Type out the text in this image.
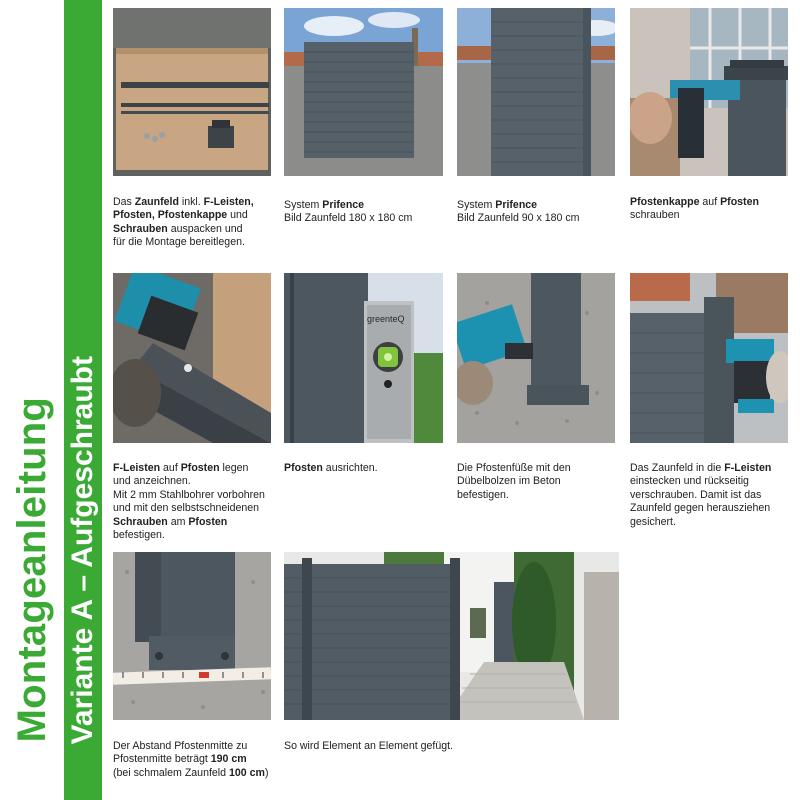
Montageanleitung Variante A – Aufgeschraubt
Das Zaunfeld inkl. F-Leisten,
Pfosten, Pfostenkappe und
Schrauben auspacken und
für die Montage bereitlegen.
System Prifence
Bild Zaunfeld 180 x 180 cm
System Prifence
Bild Zaunfeld 90 x 180 cm
Pfostenkappe auf Pfosten
schrauben
greenteQ
F-Leisten auf Pfosten legen
und anzeichnen.
Mit 2 mm Stahlbohrer vorbohren
und mit den selbstschneidenen
Schrauben am Pfosten
befestigen.
Pfosten ausrichten.	Die Pfostenfüße mit den
Dübelbolzen im Beton
befestigen.
Das Zaunfeld in die F-Leisten
einstecken und rückseitig
verschrauben. Damit ist das
Zaunfeld gegen herausziehen
gesichert.
Der Abstand Pfostenmitte zu
Pfostenmitte beträgt 190 cm
(bei schmalem Zaunfeld 100 cm)
So wird Element an Element gefügt.
